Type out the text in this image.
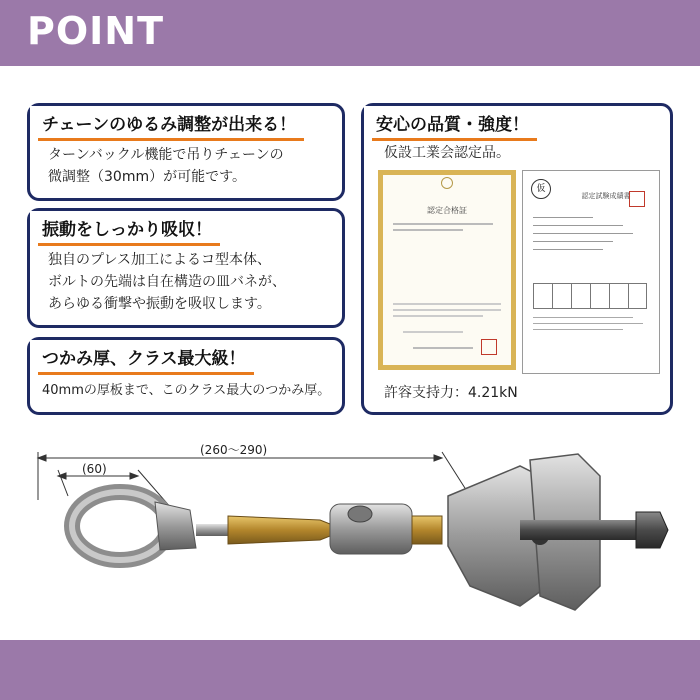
POINT
チェーンのゆるみ調整が出来る！
ターンバックル機能で吊りチェーンの
微調整（30mm）が可能です。
振動をしっかり吸収！
独自のプレス加工によるコ型本体、
ボルトの先端は自在構造の皿バネが、
あらゆる衝撃や振動を吸収します。
つかみ厚、クラス最大級！
40mmの厚板まで、このクラス最大のつかみ厚。
安心の品質・強度！
仮設工業会認定品。
認定合格証
仮
認定試験成績書
許容支持力：4.21kN
(260～290)
(60)
